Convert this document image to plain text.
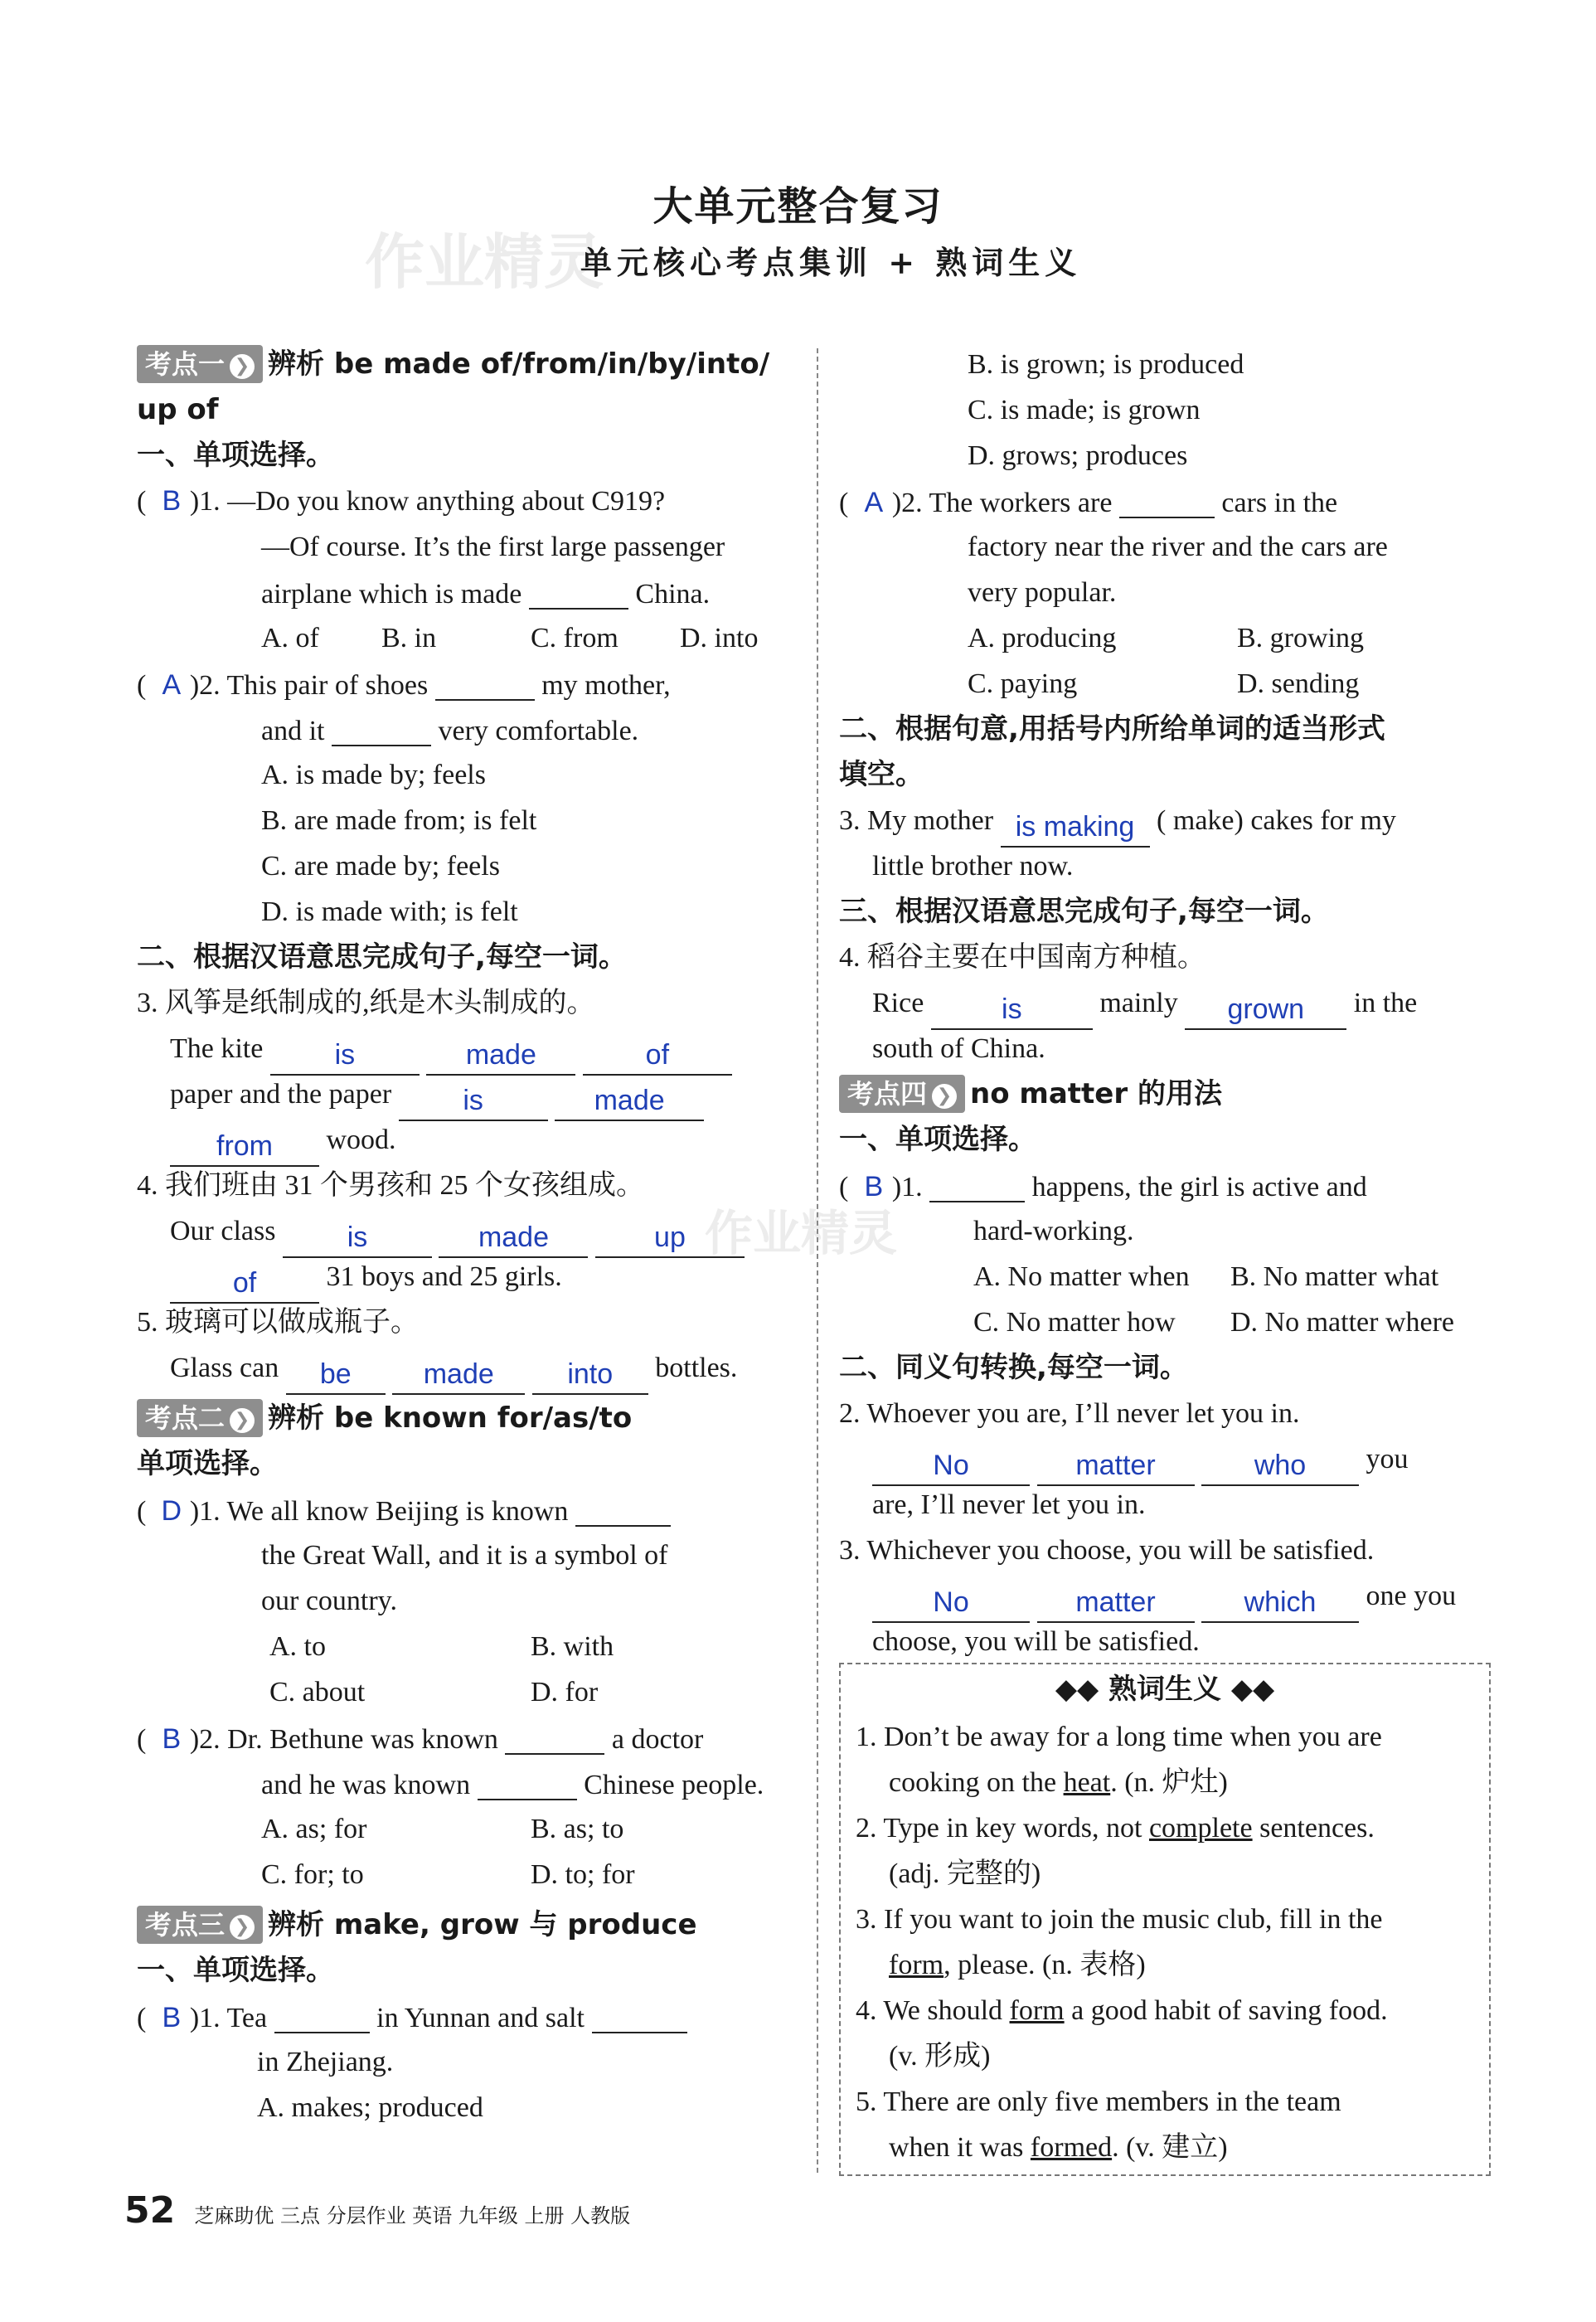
作业精灵
作业精灵
大单元整合复习
单元核心考点集训 + 熟词生义
考点一 ❯ 辨析 be made of/from/in/by/into/
up of
一、单项选择。
( B )1. —Do you know anything about C919?
—Of course. It’s the first large passenger
airplane which is made	China.
A. of B. in	C. from D. into
( A )2. This pair of shoes	my mother,
and it	very comfortable.
A. is made by; feels
B. are made from; is felt
C. are made by; feels
D. is made with; is felt
二、根据汉语意思完成句子,每空一词。
3. 风筝是纸制成的,纸是木头制成的。
The kite	is	made	of
paper and the paper	is	made
from wood.
4. 我们班由 31 个男孩和 25 个女孩组成。
Our class	is	made	up
of 31 boys and 25 girls.
5. 玻璃可以做成瓶子。
Glass can be	made	into bottles.
考点二 ❯ 辨析 be known for/as/to
单项选择。
( D )1. We all know Beijing is known
the Great Wall, and it is a symbol of
our country.
A. to	B. with
C. about	D. for
( B )2. Dr. Bethune was known	a doctor
and he was known	Chinese people.
A. as; for	B. as; to
C. for; to	D. to; for
考点三 ❯ 辨析 make, grow 与 produce
一、单项选择。
( B )1. Tea	in Yunnan and salt
in Zhejiang.
A. makes; produced
B. is grown; is produced
C. is made; is grown
D. grows; produces
( A )2. The workers are	cars in the
factory near the river and the cars are
very popular.
A. producing	B. growing
C. paying	D. sending
二、根据句意,用括号内所给单词的适当形式
填空。
3. My mother is making ( make) cakes for my
little brother now.
三、根据汉语意思完成句子,每空一词。
4. 稻谷主要在中国南方种植。
Rice	is	mainly grown in the
south of China.
考点四 ❯ no matter 的用法
一、单项选择。
( B )1.	happens, the girl is active and
hard-working.
A. No matter when B. No matter what
C. No matter how D. No matter where
二、同义句转换,每空一词。
2. Whoever you are, I’ll never let you in.
No	matter	who you
are, I’ll never let you in.
3. Whichever you choose, you will be satisfied.
No	matter	which one you
choose, you will be satisfied.
◆◆ 熟词生义 ◆◆
1. Don’t be away for a long time when you are
cooking on the heat. (n. 炉灶)
2. Type in key words, not complete sentences.
(adj. 完整的)
3. If you want to join the music club, fill in the
form, please. (n. 表格)
4. We should form a good habit of saving food.
(v. 形成)
5. There are only five members in the team
when it was formed. (v. 建立)
52 芝麻助优 三点 分层作业 英语 九年级 上册 人教版
